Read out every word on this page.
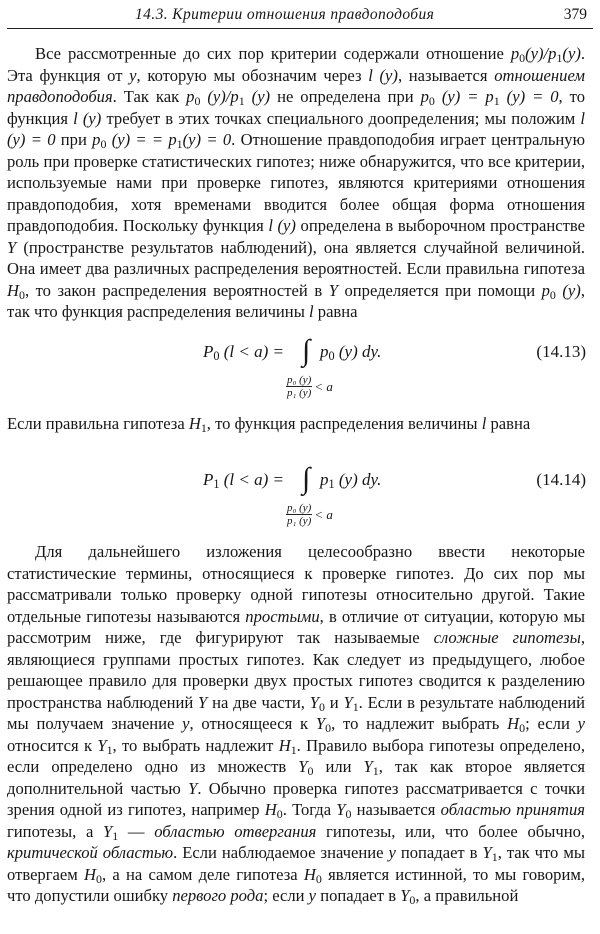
14.3. Критерии отношения правдоподобия	379

Все рассмотренные до сих пор критерии содержали отношение $p_0(y)/p_1(y)$. Эта функция от y, которую мы обозначим через l (y), называется отношением правдоподобия. Так как $p_0$ $(y)/p_1$ (y) не определена при $p_0$ $(y) = p_1$ (y) = 0, то функция l (y) требует в этих точках специального доопределения; мы положим l (y) = 0 при $p_0$ (y) = = $p_1(y) = 0$. Отношение правдоподобия играет центральную роль при проверке статистических гипотез; ниже обнаружится, что все критерии, используемые нами при проверке гипотез, являются критериями отношения правдоподобия, хотя временами вводится более общая форма отношения правдоподобия. Поскольку функция l (y) определена в выборочном пространстве Y (пространстве результатов наблюдений), она является случайной величиной. Она имеет два различных распределения вероятностей. Если правильна гипотеза $H_0$, то закон распределения вероятностей в Y определяется при помощи $p_0$ (y), так что функция распределения величины l равна

$P_0$ (l < a) = ∫ $p_0$ (y) dy.
$\frac{\text{p₀ (y)}}{\text{p₁ (y)}} < a$
(14.13)

Если правильна гипотеза $H_1$, то функция распределения величины l равна

$P_1$ (l < a) = ∫ $p_1$ (y) dy.
$\frac{\text{p₀ (y)}}{\text{p₁ (y)}} < a$
(14.14)

Для дальнейшего изложения целесообразно ввести некоторые статистические термины, относящиеся к проверке гипотез. До сих пор мы рассматривали только проверку одной гипотезы относительно другой. Такие отдельные гипотезы называются простыми, в отличие от ситуации, которую мы рассмотрим ниже, где фигурируют так называемые сложные гипотезы, являющиеся группами простых гипотез. Как следует из предыдущего, любое решающее правило для проверки двух простых гипотез сводится к разделению пространства наблюдений Y на две части, $Y_0$ и $Y_1$. Если в результате наблюдений мы получаем значение y, относящееся к $Y_0$, то надлежит выбрать $H_0$; если y относится к $Y_1$, то выбрать надлежит $H_1$. Правило выбора гипотезы определено, если определено одно из множеств $Y_0$ или $Y_1$, так как второе является дополнительной частью Y. Обычно проверка гипотез рассматривается с точки зрения одной из гипотез, например $H_0$. Тогда $Y_0$ называется областью принятия гипотезы, а $Y_1$ — областью отвергания гипотезы, или, что более обычно, критической областью. Если наблюдаемое значение y попадает в $Y_1$, так что мы отвергаем $H_0$, а на самом деле гипотеза $H_0$ является истинной, то мы говорим, что допустили ошибку первого рода; если y попадает в $Y_0$, а правильной
